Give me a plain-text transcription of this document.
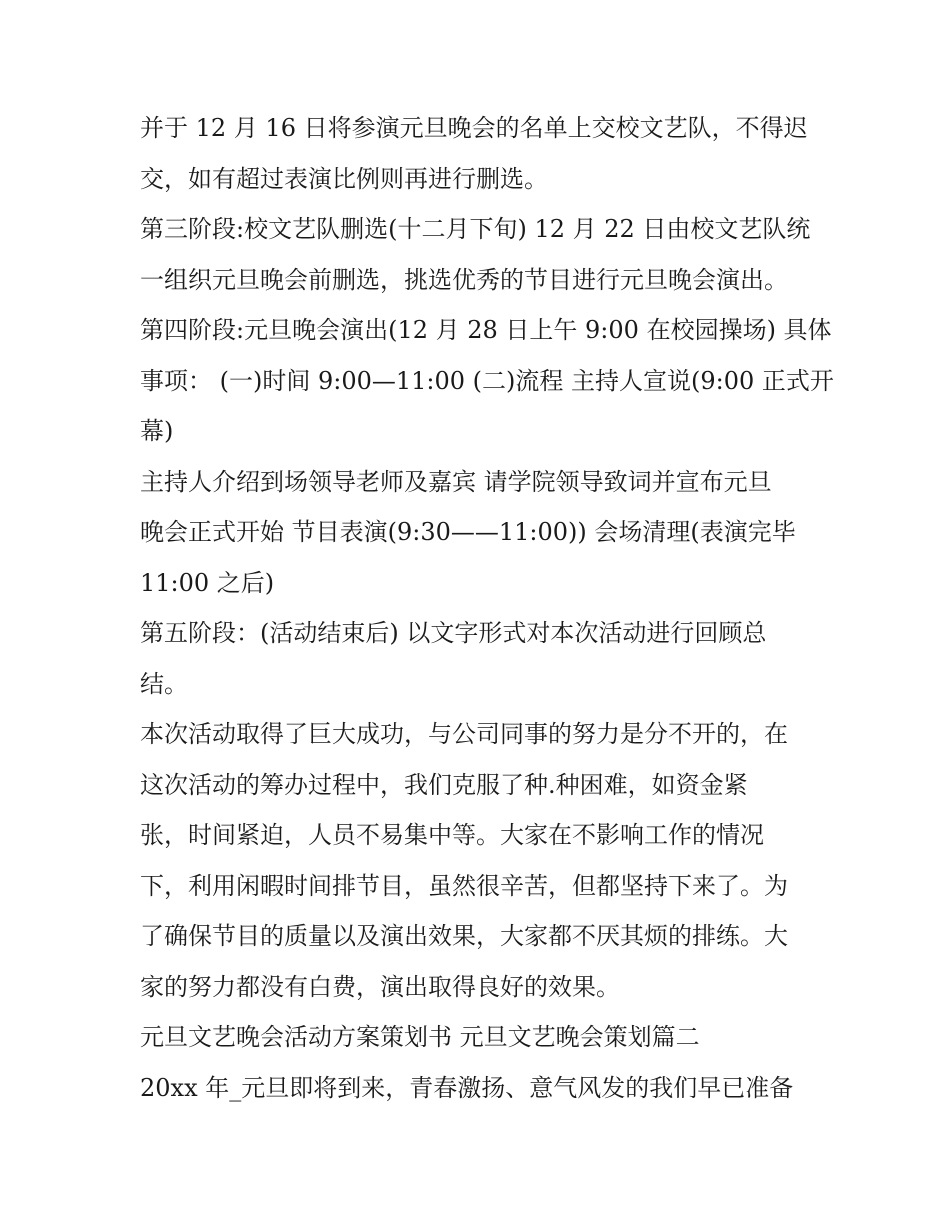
并于 12 月 16 日将参演元旦晚会的名单上交校文艺队，不得迟
交，如有超过表演比例则再进行删选。
第三阶段:校文艺队删选(十二月下旬) 12 月 22 日由校文艺队统
一组织元旦晚会前删选，挑选优秀的节目进行元旦晚会演出。
第四阶段:元旦晚会演出(12 月 28 日上午 9:00 在校园操场) 具体
事项： (一)时间 9:00—11:00 (二)流程 主持人宣说(9:00 正式开
幕)
主持人介绍到场领导老师及嘉宾 请学院领导致词并宣布元旦
晚会正式开始 节目表演(9:30——11:00)) 会场清理(表演完毕
11:00 之后)
第五阶段：(活动结束后) 以文字形式对本次活动进行回顾总
结。
本次活动取得了巨大成功，与公司同事的努力是分不开的，在
这次活动的筹办过程中，我们克服了种.种困难，如资金紧
张，时间紧迫，人员不易集中等。大家在不影响工作的情况
下，利用闲暇时间排节目，虽然很辛苦，但都坚持下来了。为
了确保节目的质量以及演出效果，大家都不厌其烦的排练。大
家的努力都没有白费，演出取得良好的效果。
元旦文艺晚会活动方案策划书 元旦文艺晚会策划篇二
20xx 年_元旦即将到来，青春激扬、意气风发的我们早已准备
